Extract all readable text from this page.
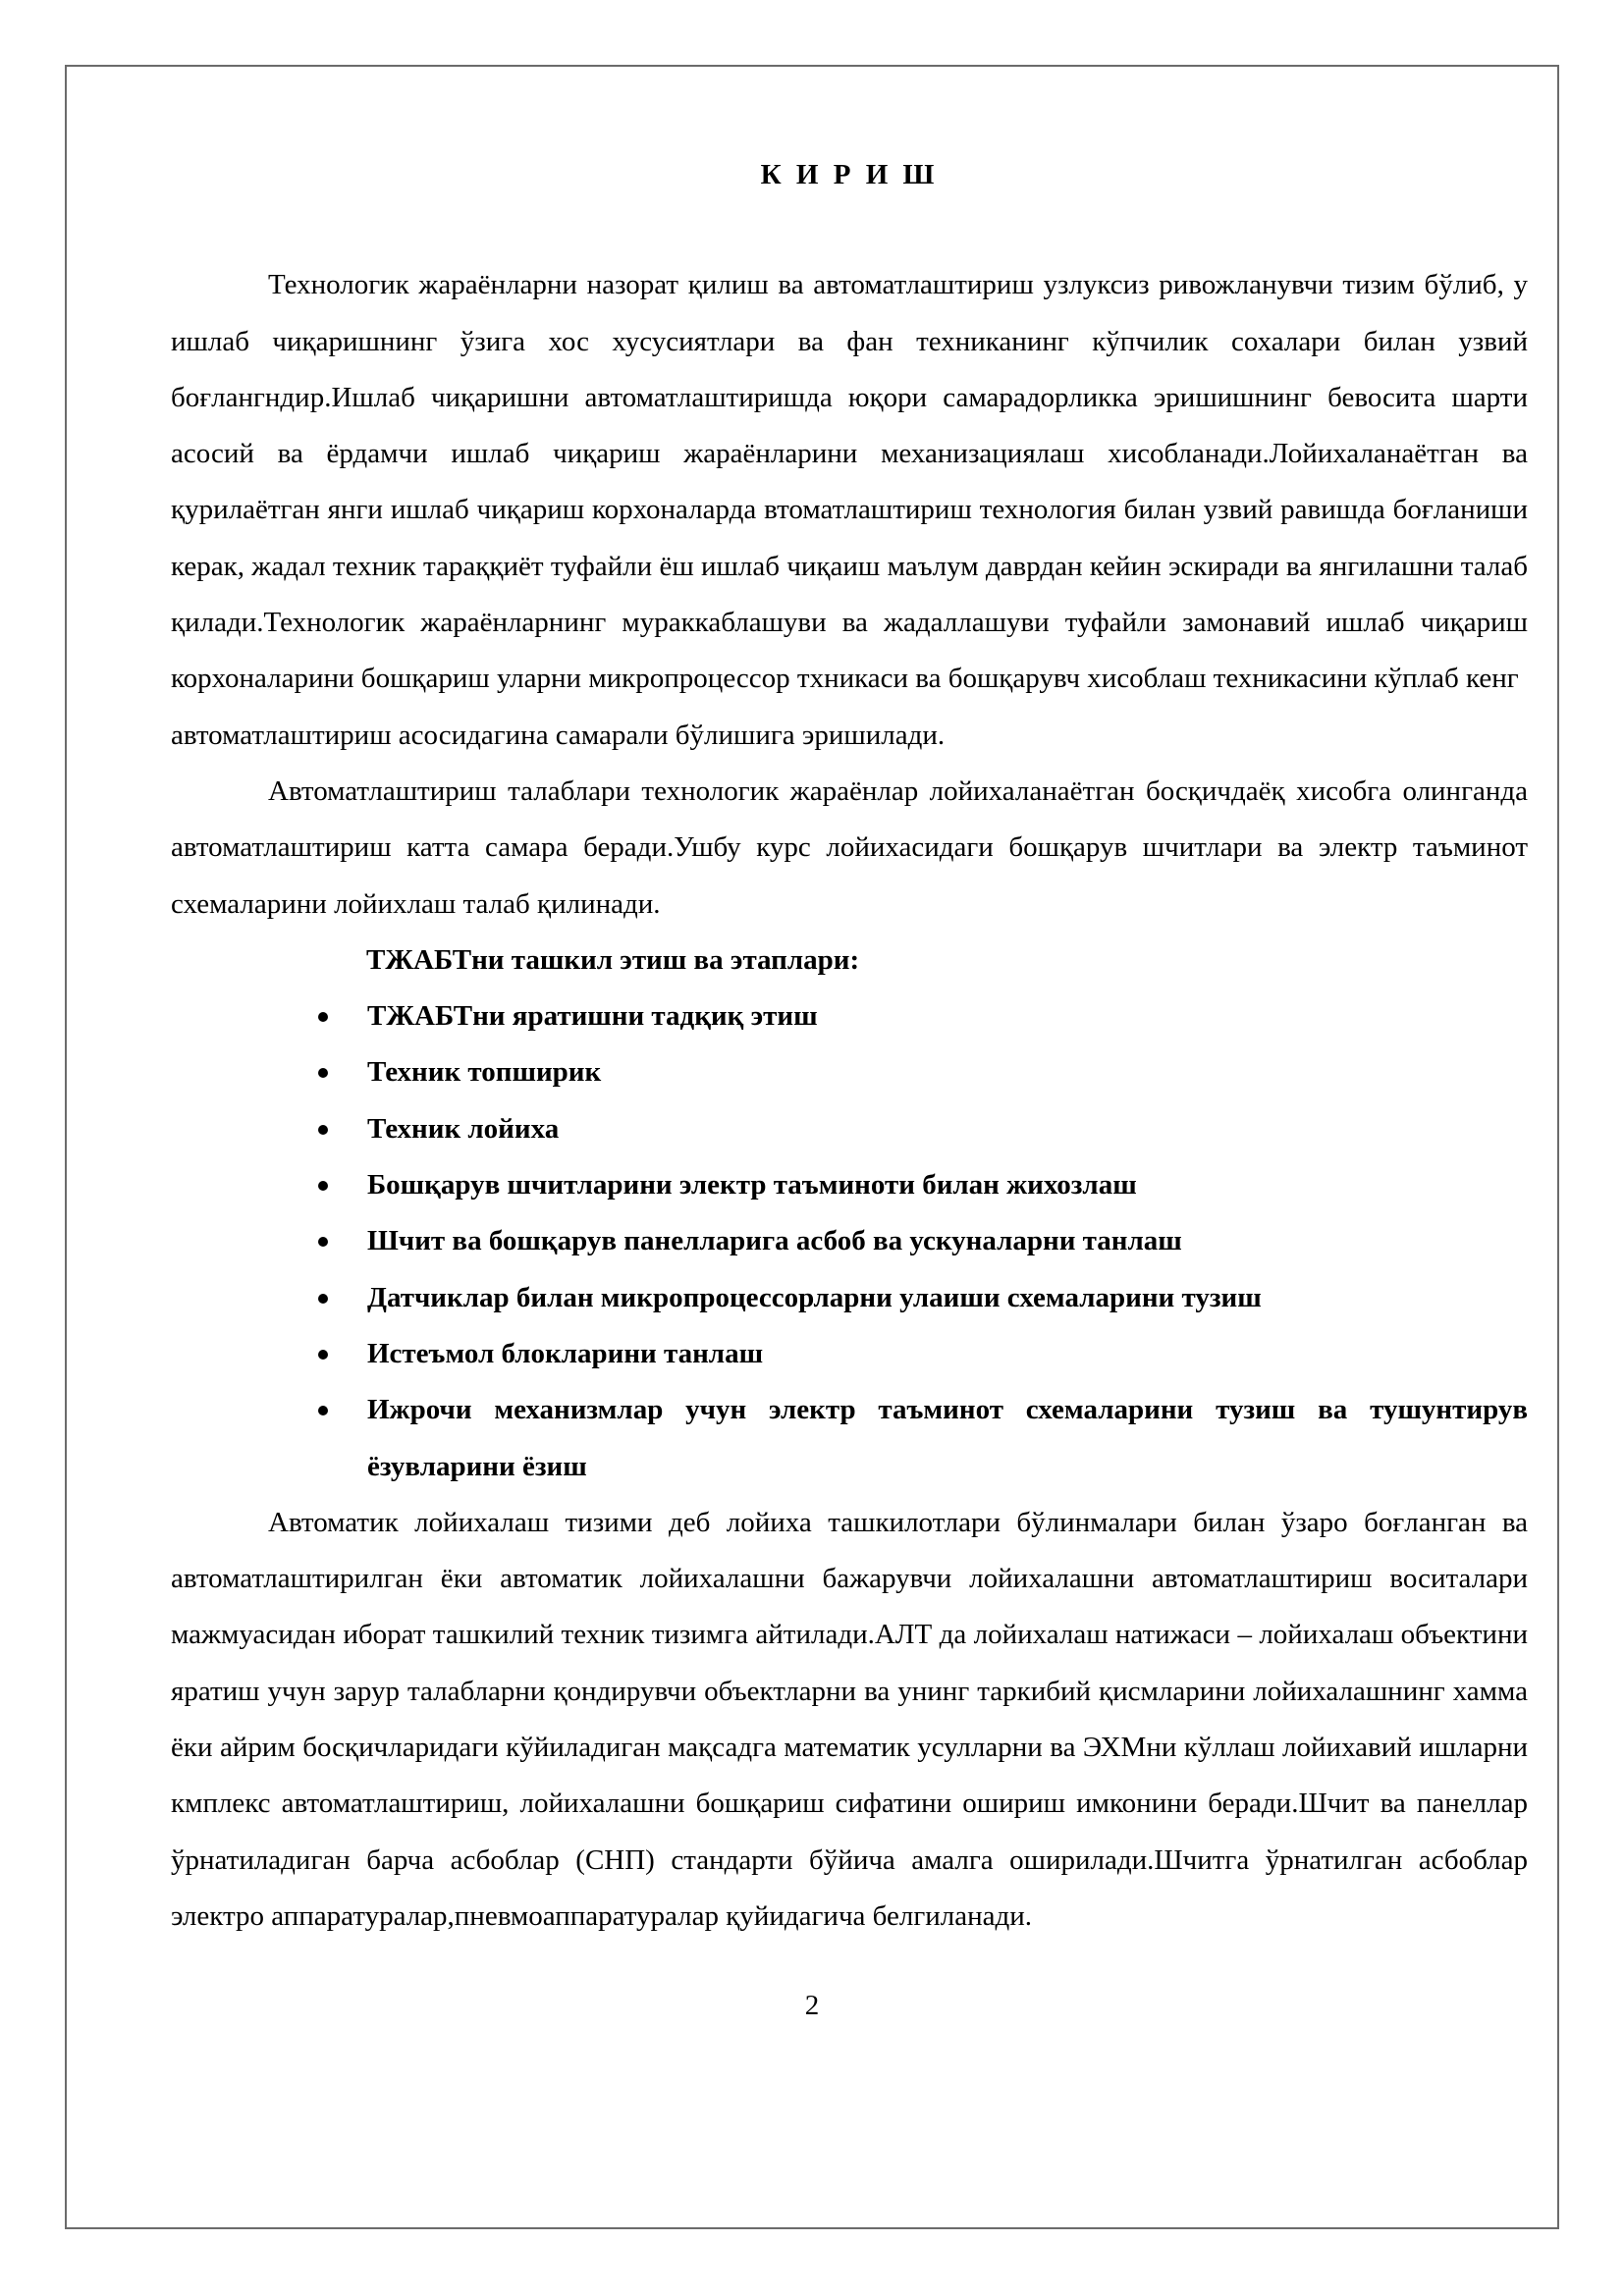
К И Р И Ш

Технологик жараёнларни назорат қилиш ва автоматлаштириш узлуксиз ривожланувчи тизим бўлиб, у ишлаб чиқаришнинг ўзига хос хусусиятлари ва фан техниканинг кўпчилик сохалари билан узвий боғлангндир.Ишлаб чиқаришни автоматлаштиришда юқори самарадорликка эришишнинг бевосита шарти асосий ва ёрдамчи ишлаб чиқариш жараёнларини механизациялаш хисобланади.Лойихаланаётган ва қурилаётган янги ишлаб чиқариш корхоналарда втоматлаштириш технология билан узвий равишда боғланиши керак, жадал техник тараққиёт туфайли ёш ишлаб чиқаиш маълум даврдан кейин эскиради ва янгилашни талаб қилади.Технологик жараёнларнинг мураккаблашуви ва жадаллашуви туфайли замонавий ишлаб чиқариш корхоналарини бошқариш уларни микропроцессор тхникаси ва бошқарувч хисоблаш техникасини кўплаб кенг

автоматлаштириш асосидагина самарали бўлишига эришилади.

Автоматлаштириш талаблари технологик жараёнлар лойихаланаётган босқичдаёқ хисобга олинганда автоматлаштириш катта самара беради.Ушбу курс лойихасидаги бошқарув шчитлари ва электр таъминот схемаларини лойихлаш талаб қилинади.

ТЖАБТни ташкил этиш ва этаплари:

ТЖАБТни яратишни тадқиқ этиш
Техник топширик
Техник лойиха
Бошқарув шчитларини электр таъминоти билан жихозлаш
Шчит ва бошқарув панелларига асбоб ва ускуналарни танлаш
Датчиклар билан микропроцессорларни улаиши схемаларини тузиш
Истеъмол блокларини танлаш
Ижрочи механизмлар учун электр таъминот схемаларини тузиш ва тушунтирув ёзувларини ёзиш

Автоматик лойихалаш тизими деб лойиха ташкилотлари бўлинмалари билан ўзаро боғланган ва автоматлаштирилган ёки автоматик лойихалашни бажарувчи лойихалашни автоматлаштириш воситалари мажмуасидан иборат ташкилий техник тизимга айтилади.АЛТ да лойихалаш натижаси – лойихалаш объектини яратиш учун зарур талабларни қондирувчи объектларни ва унинг таркибий қисмларини лойихалашнинг хамма ёки айрим босқичларидаги кўйиладиган мақсадга математик усулларни ва ЭХМни кўллаш лойихавий ишларни кмплекс автоматлаштириш, лойихалашни бошқариш сифатини ошириш имконини беради.Шчит ва панеллар ўрнатиладиган барча асбоблар (СНП) стандарти бўйича амалга оширилади.Шчитга ўрнатилган асбоблар электро аппаратуралар,пневмоаппаратуралар қуйидагича белгиланади.

2
